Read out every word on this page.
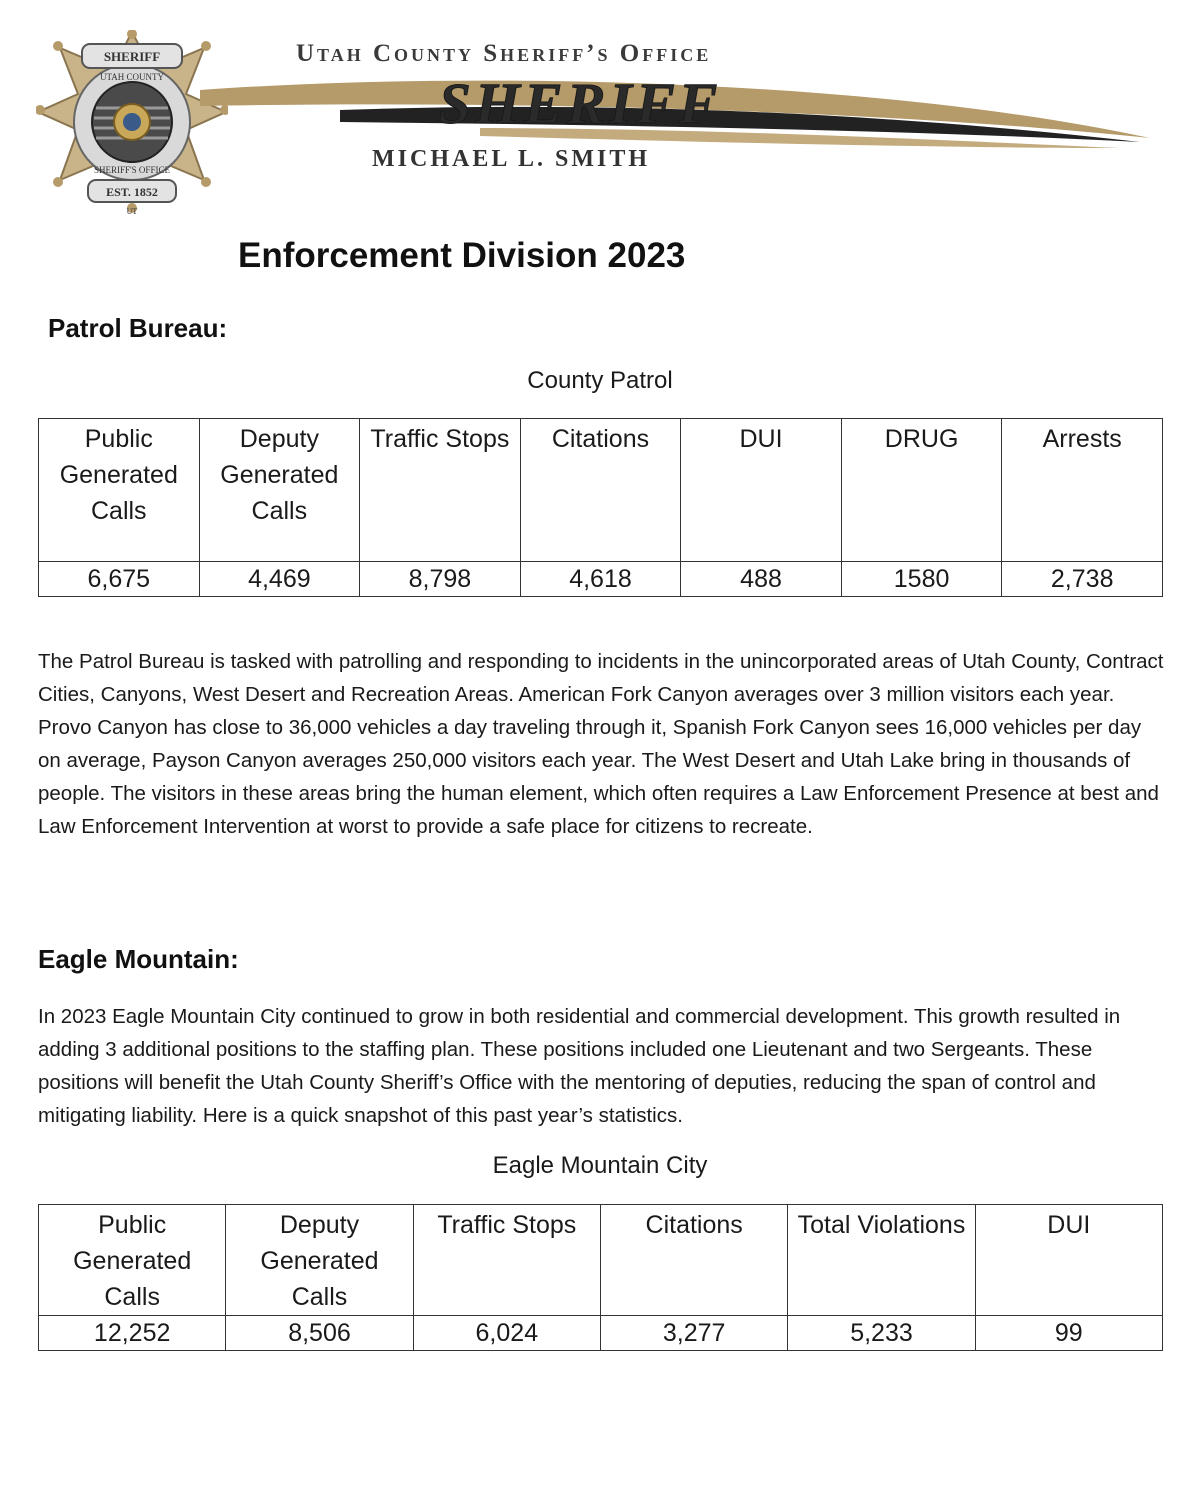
SHERIFF
UTAH COUNTY
SHERIFF'S OFFICE
EST. 1852
UT
Utah County Sheriff’s Office
SHERIFF
MICHAEL L. SMITH
Enforcement Division 2023
Patrol Bureau:
County Patrol
Public Generated Calls	Deputy Generated Calls	Traffic Stops	Citations	DUI	DRUG	Arrests
6,675	4,469	8,798	4,618	488	1580	2,738

The Patrol Bureau is tasked with patrolling and responding to incidents in the unincorporated areas of Utah County, Contract Cities, Canyons, West Desert and Recreation Areas. American Fork Canyon averages over 3 million visitors each year. Provo Canyon has close to 36,000 vehicles a day traveling through it, Spanish Fork Canyon sees 16,000 vehicles per day on average, Payson Canyon averages 250,000 visitors each year. The West Desert and Utah Lake bring in thousands of people. The visitors in these areas bring the human element, which often requires a Law Enforcement Presence at best and Law Enforcement Intervention at worst to provide a safe place for citizens to recreate.

Eagle Mountain:

In 2023 Eagle Mountain City continued to grow in both residential and commercial development. This growth resulted in adding 3 additional positions to the staffing plan. These positions included one Lieutenant and two Sergeants. These positions will benefit the Utah County Sheriff’s Office with the mentoring of deputies, reducing the span of control and mitigating liability. Here is a quick snapshot of this past year’s statistics.

Eagle Mountain City
Public Generated Calls	Deputy Generated Calls	Traffic Stops	Citations	Total Violations	DUI
12,252	8,506	6,024	3,277	5,233	99
